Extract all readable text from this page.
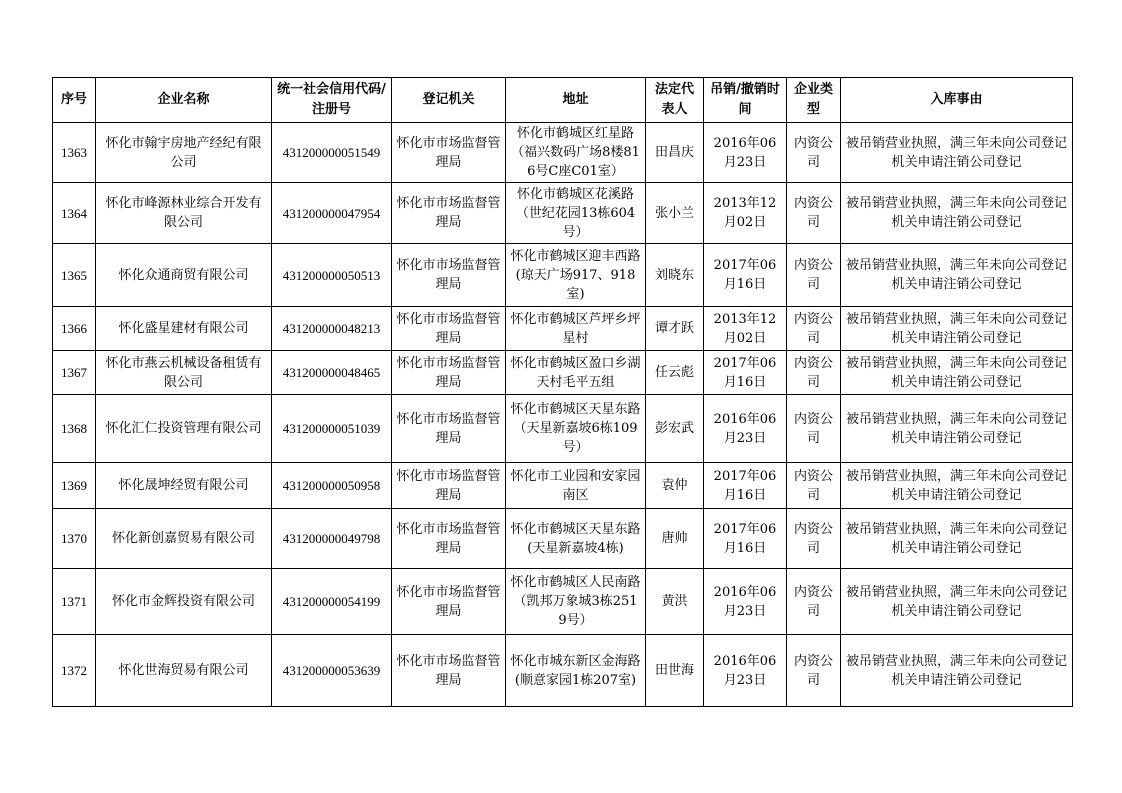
序号	企业名称	统一社会信用代码/注册号	登记机关	地址	法定代表人	吊销/撤销时间	企业类型	入库事由
1363	怀化市翰宇房地产经纪有限公司	431200000051549	怀化市市场监督管理局	怀化市鹤城区红星路（福兴数码广场8楼816号C座C01室）	田昌庆	2016年06月23日	内资公司	被吊销营业执照，满三年未向公司登记机关申请注销公司登记
1364	怀化市峰源林业综合开发有限公司	431200000047954	怀化市市场监督管理局	怀化市鹤城区花溪路（世纪花园13栋604号）	张小兰	2013年12月02日	内资公司	被吊销营业执照，满三年未向公司登记机关申请注销公司登记
1365	怀化众通商贸有限公司	431200000050513	怀化市市场监督管理局	怀化市鹤城区迎丰西路(琼天广场917、918室)	刘晓东	2017年06月16日	内资公司	被吊销营业执照，满三年未向公司登记机关申请注销公司登记
1366	怀化盛星建材有限公司	431200000048213	怀化市市场监督管理局	怀化市鹤城区芦坪乡坪星村	谭才跃	2013年12月02日	内资公司	被吊销营业执照，满三年未向公司登记机关申请注销公司登记
1367	怀化市燕云机械设备租赁有限公司	431200000048465	怀化市市场监督管理局	怀化市鹤城区盈口乡湖天村毛平五组	任云彪	2017年06月16日	内资公司	被吊销营业执照，满三年未向公司登记机关申请注销公司登记
1368	怀化汇仁投资管理有限公司	431200000051039	怀化市市场监督管理局	怀化市鹤城区天星东路（天星新嘉坡6栋109号）	彭宏武	2016年06月23日	内资公司	被吊销营业执照，满三年未向公司登记机关申请注销公司登记
1369	怀化晟坤经贸有限公司	431200000050958	怀化市市场监督管理局	怀化市工业园和安家园南区	袁仲	2017年06月16日	内资公司	被吊销营业执照，满三年未向公司登记机关申请注销公司登记
1370	怀化新创嘉贸易有限公司	431200000049798	怀化市市场监督管理局	怀化市鹤城区天星东路(天星新嘉坡4栋)	唐帅	2017年06月16日	内资公司	被吊销营业执照，满三年未向公司登记机关申请注销公司登记
1371	怀化市金辉投资有限公司	431200000054199	怀化市市场监督管理局	怀化市鹤城区人民南路（凯邦万象城3栋2519号）	黄洪	2016年06月23日	内资公司	被吊销营业执照，满三年未向公司登记机关申请注销公司登记
1372	怀化世海贸易有限公司	431200000053639	怀化市市场监督管理局	怀化市城东新区金海路(顺意家园1栋207室)	田世海	2016年06月23日	内资公司	被吊销营业执照，满三年未向公司登记机关申请注销公司登记
